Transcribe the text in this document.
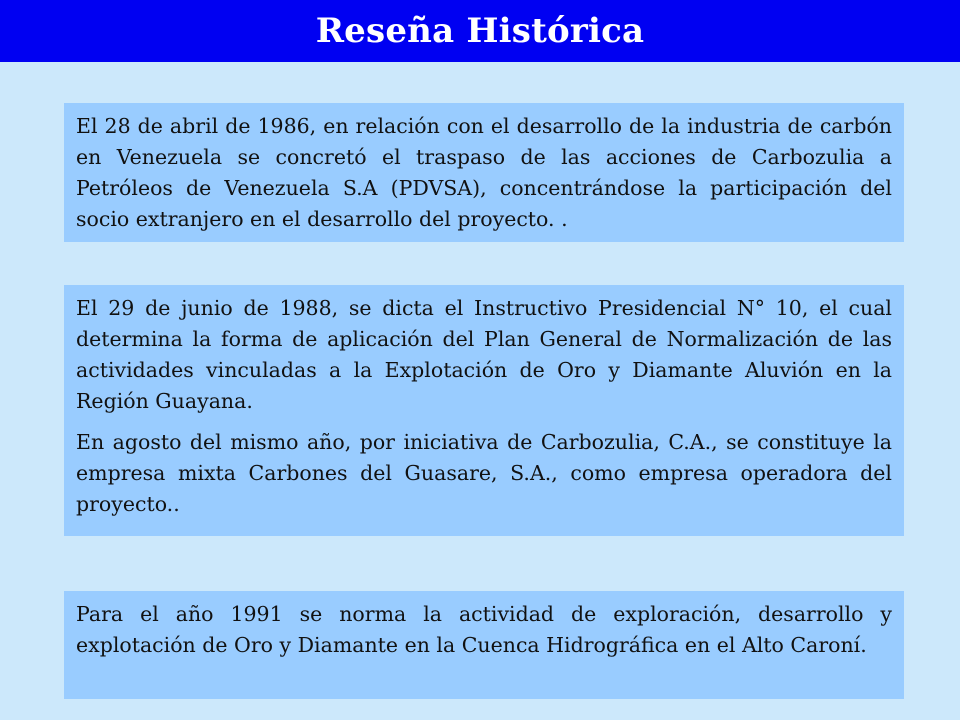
Reseña Histórica

El 28 de abril de 1986, en relación con el desarrollo de la industria de carbón en Venezuela se concretó el traspaso de las acciones de Carbozulia a Petróleos de Venezuela S.A (PDVSA), concentrándose la participación del socio extranjero en el desarrollo del proyecto. .

El 29 de junio de 1988, se dicta el Instructivo Presidencial N° 10, el cual determina la forma de aplicación del Plan General de Normalización de las actividades vinculadas a la Explotación de Oro y Diamante Aluvión en la Región Guayana.

En agosto del mismo año, por iniciativa de Carbozulia, C.A., se constituye la empresa mixta Carbones del Guasare, S.A., como empresa operadora del proyecto..

Para el año 1991 se norma la actividad de exploración, desarrollo y explotación de Oro y Diamante en la Cuenca Hidrográfica en el Alto Caroní.
